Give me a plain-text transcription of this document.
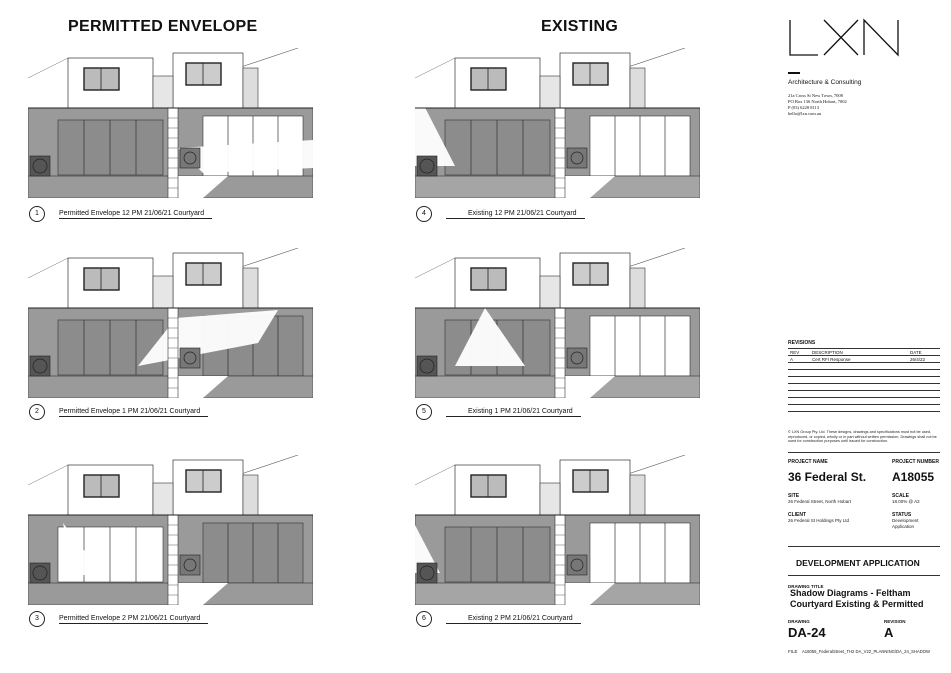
PERMITTED ENVELOPE	EXISTING
1	Permitted Envelope 12 PM 21/06/21 Courtyard
2	Permitted Envelope 1 PM 21/06/21 Courtyard
3	Permitted Envelope 2 PM 21/06/21 Courtyard
4	Existing 12 PM 21/06/21 Courtyard
5	Existing 1 PM 21/06/21 Courtyard
6	Existing 2 PM 21/06/21 Courtyard
Architecture & Consulting
21a Cross St New Town, 7008
PO Box 136 North Hobart, 7002
P (03) 6228 8113
hello@lxn.com.au
REVISIONS
REV	DESCRIPTION	DATE
A	Cert RFI Response	26/4/22

© LXN Group Pty. Ltd. These designs, drawings and specifications must not be used, reproduced, or copied, wholly or in part without written permission. Drawings shall not be used for construction purposes until issued for construction.
PROJECT NAME	PROJECT NUMBER
36 Federal St. A18055
SITE
26 Federal Street, North Hobart
SCALE
18.00% @ A2
CLIENT
26 Federal St Holdings Pty Ltd
STATUS
Development Application
DEVELOPMENT APPLICATION
DRAWING TITLE
Shadow Diagrams - Feltham Courtyard Existing & Permitted
DRAWING	REVISION
DA-24	A
FILE A18055_FederalStreet_TH2 DA_V22_PLANNING/DA_24_SHADOW
